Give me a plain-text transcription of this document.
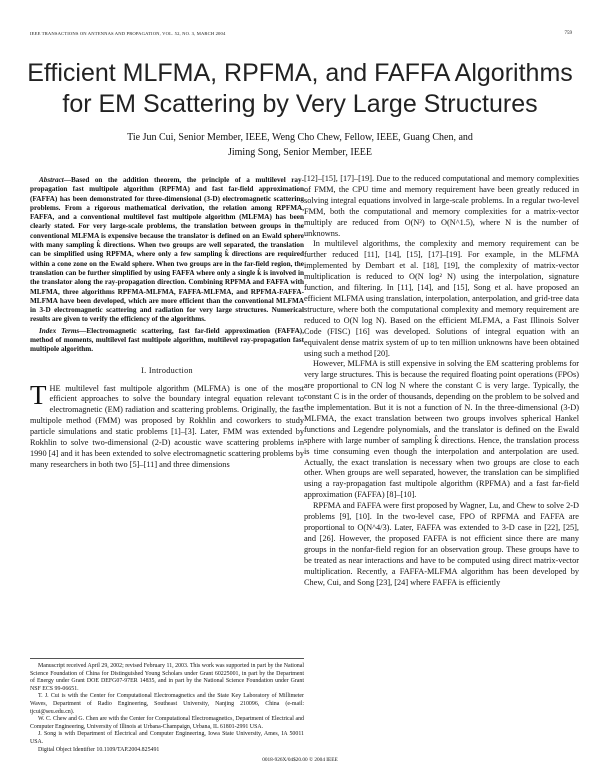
IEEE TRANSACTIONS ON ANTENNAS AND PROPAGATION, VOL. 52, NO. 3, MARCH 2004	759
Efficient MLFMA, RPFMA, and FAFFA Algorithms
for EM Scattering by Very Large Structures
Tie Jun Cui, Senior Member, IEEE, Weng Cho Chew, Fellow, IEEE, Guang Chen, and
Jiming Song, Senior Member, IEEE

Abstract—Based on the addition theorem, the principle of a multilevel ray-propagation fast multipole algorithm (RPFMA) and fast far-field approximation (FAFFA) has been demonstrated for three-dimensional (3-D) electromagnetic scattering problems. From a rigorous mathematical derivation, the relation among RPFMA, FAFFA, and a conventional multilevel fast multipole algorithm (MLFMA) has been clearly stated. For very large-scale problems, the translation between groups in the conventional MLFMA is expensive because the translator is defined on an Ewald sphere with many sampling k̂ directions. When two groups are well separated, the translation can be simplified using RPFMA, where only a few sampling k̂ directions are required within a cone zone on the Ewald sphere. When two groups are in the far-field region, the translation can be further simplified by using FAFFA where only a single k̂ is involved in the translator along the ray-propagation direction. Combining RPFMA and FAFFA with MLFMA, three algorithms RPFMA-MLFMA, FAFFA-MLFMA, and RPFMA-FAFFA-MLFMA have been developed, which are more efficient than the conventional MLFMA in 3-D electromagnetic scattering and radiation for very large structures. Numerical results are given to verify the efficiency of the algorithms.

Index Terms—Electromagnetic scattering, fast far-field approximation (FAFFA), method of moments, multilevel fast multipole algorithm, multilevel ray-propagation fast multipole algorithm.

I. Introduction

THE multilevel fast multipole algorithm (MLFMA) is one of the most efficient approaches to solve the boundary integral equation relevant to electromagnetic (EM) radiation and scattering problems. Originally, the fast multipole method (FMM) was proposed by Rokhlin and coworkers to study particle simulations and static problems [1]–[3]. Later, FMM was extended by Rokhlin to solve two-dimensional (2-D) acoustic wave scattering problems in 1990 [4] and it has been extended to solve electromagnetic scattering problems by many researchers in both two [5]–[11] and three dimensions

Manuscript received April 29, 2002; revised February 11, 2003. This work was supported in part by the National Science Foundation of China for Distinguished Young Scholars under Grant 60225001, in part by the Department of Energy under Grant DOE DEFG07-97ER 14835, and in part by the National Science Foundation under Grant NSF ECS 99-06651.

T. J. Cui is with the Center for Computational Electromagnetics and the State Key Laboratory of Millimeter Waves, Department of Radio Engineering, Southeast University, Nanjing 210096, China (e-mail: tjcui@seu.edu.cn).

W. C. Chew and G. Chen are with the Center for Computational Electromagnetics, Department of Electrical and Computer Engineering, University of Illinois at Urbana-Champaign, Urbana, IL 61801-2991 USA.

J. Song is with Department of Electrical and Computer Engineering, Iowa State University, Ames, IA 50011 USA.

Digital Object Identifier 10.1109/TAP.2004.825491

[12]–[15], [17]–[19]. Due to the reduced computational and memory complexities of FMM, the CPU time and memory requirement have been greatly reduced in solving integral equations involved in large-scale problems. In a regular two-level FMM, both the computational and memory complexities for a matrix-vector multiply are reduced from O(N²) to O(N^1.5), where N is the number of unknowns.

In multilevel algorithms, the complexity and memory requirement can be further reduced [11], [14], [15], [17]–[19]. For example, in the MLFMA implemented by Dembart et al. [18], [19], the complexity of matrix-vector multiplication is reduced to O(N log² N) using the interpolation, signature function, and filtering. In [11], [14], and [15], Song et al. have proposed an efficient MLFMA using translation, interpolation, anterpolation, and grid-tree data structure, where both the computational complexity and memory requirement are reduced to O(N log N). Based on the efficient MLFMA, a Fast Illinois Solver Code (FISC) [16] was developed. Solutions of integral equation with an equivalent dense matrix system of up to ten million unknowns have been obtained using such a method [20].

However, MLFMA is still expensive in solving the EM scattering problems for very large structures. This is because the required floating point operations (FPOs) are proportional to CN log N where the constant C is very large. Typically, the constant C is in the order of thousands, depending on the problem to be solved and the implementation. But it is not a function of N. In the three-dimensional (3-D) MLFMA, the exact translation between two groups involves spherical Hankel functions and Legendre polynomials, and the translator is defined on the Ewald sphere with large number of sampling k̂ directions. Hence, the translation process is time consuming even though the interpolation and anterpolation are used. Actually, the exact translation is necessary when two groups are close to each other. When groups are well separated, however, the translation can be simplified using a ray-propagation fast multipole algorithm (RPFMA) and a fast far-field approximation (FAFFA) [8]–[10].

RPFMA and FAFFA were first proposed by Wagner, Lu, and Chew to solve 2-D problems [9], [10]. In the two-level case, FPO of RPFMA and FAFFA are proportional to O(N^4/3). Later, FAFFA was extended to 3-D case in [22], [25], and [26]. However, the proposed FAFFA is not efficient since there are many groups in the nonfar-field region for an observation group. These groups have to be treated as near interactions and have to be computed using direct matrix-vector multiplication. Recently, a FAFFA-MLFMA algorithm has been developed by Chew, Cui, and Song [23], [24] where FAFFA is efficiently

0018-926X/04$20.00 © 2004 IEEE
